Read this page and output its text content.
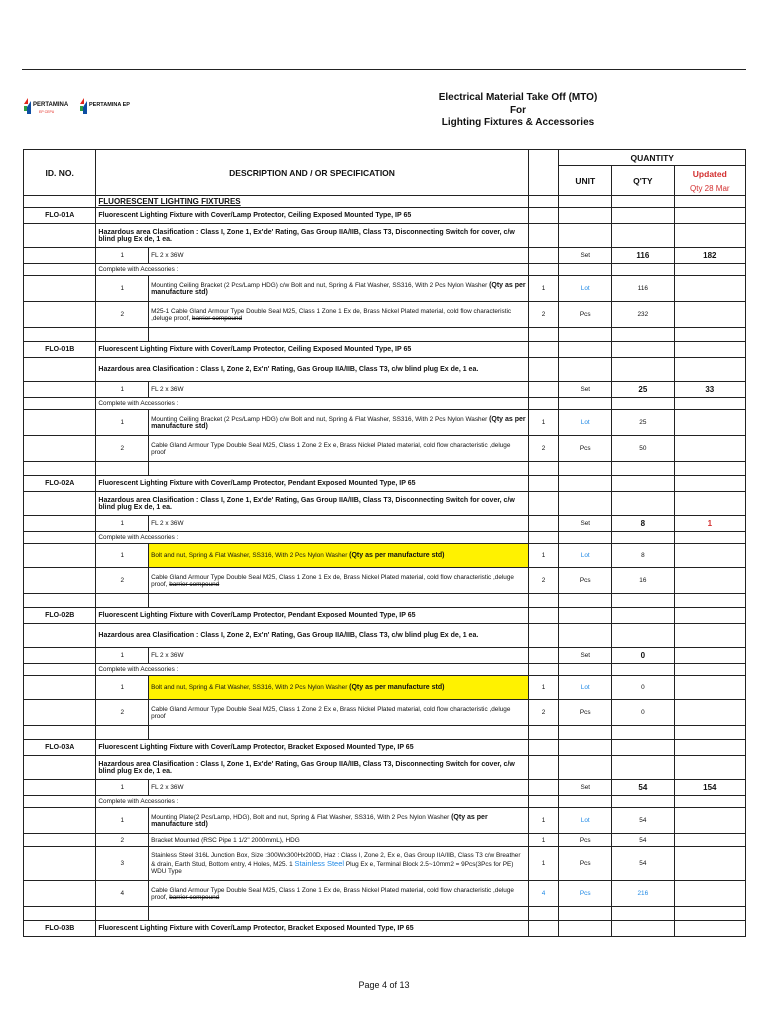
PERTAMINA
EP CEPU
PERTAMINA EP
Electrical Material Take Off (MTO)
For
Lighting Fixtures & Accessories
ID. NO.	DESCRIPTION AND / OR SPECIFICATION			QUANTITY		
				UNIT	Q'TY	Updated
						Qty 28 Mar
	FLUORESCENT LIGHTING FIXTURES					
FLO-01A	Fluorescent Lighting Fixture with Cover/Lamp Protector, Ceiling Exposed Mounted Type, IP 65					
	Hazardous area Clasification : Class I, Zone 1, Ex'de' Rating, Gas Group IIA/IIB, Class T3, Disconnecting Switch for cover, c/w blind plug Ex de, 1 ea.					
	1	FL 2 x 36W		Set	116	182
	Complete with Accessories :					
	1	Mounting Ceiling Bracket (2 Pcs/Lamp HDG) c/w Bolt and nut, Spring & Flat Washer, SS316, With 2 Pcs Nylon Washer (Qty as per manufacture std)	1	Lot	116	
	2	M25-1 Cable Gland Armour Type Double Seal M25, Class 1 Zone 1 Ex de, Brass Nickel Plated material, cold flow characteristic ,deluge proof, barrier compound	2	Pcs	232	

FLO-01B	Fluorescent Lighting Fixture with Cover/Lamp Protector, Ceiling Exposed Mounted Type, IP 65					
	Hazardous area Clasification : Class I, Zone 2, Ex'n' Rating, Gas Group IIA/IIB, Class T3, c/w blind plug Ex de, 1 ea.					
	1	FL 2 x 36W		Set	25	33
	Complete with Accessories :					
	1	Mounting Ceiling Bracket (2 Pcs/Lamp HDG) c/w Bolt and nut, Spring & Flat Washer, SS316, With 2 Pcs Nylon Washer (Qty as per manufacture std)	1	Lot	25	
	2	Cable Gland Armour Type Double Seal M25, Class 1 Zone 2 Ex e, Brass Nickel Plated material, cold flow characteristic ,deluge proof	2	Pcs	50	

FLO-02A	Fluorescent Lighting Fixture with Cover/Lamp Protector, Pendant Exposed Mounted Type, IP 65					
	Hazardous area Clasification : Class I, Zone 1, Ex'de' Rating, Gas Group IIA/IIB, Class T3, Disconnecting Switch for cover, c/w blind plug Ex de, 1 ea.					
	1	FL 2 x 36W		Set	8	1
	Complete with Accessories :					
	1	Bolt and nut, Spring & Flat Washer, SS316, With 2 Pcs Nylon Washer (Qty as per manufacture std)	1	Lot	8	
	2	Cable Gland Armour Type Double Seal M25, Class 1 Zone 1 Ex de, Brass Nickel Plated material, cold flow characteristic ,deluge proof, barrier compound	2	Pcs	16	

FLO-02B	Fluorescent Lighting Fixture with Cover/Lamp Protector, Pendant Exposed Mounted Type, IP 65					
	Hazardous area Clasification : Class I, Zone 2, Ex'n' Rating, Gas Group IIA/IIB, Class T3, c/w blind plug Ex de, 1 ea.					
	1	FL 2 x 36W		Set	0	
	Complete with Accessories :					
	1	Bolt and nut, Spring & Flat Washer, SS316, With 2 Pcs Nylon Washer (Qty as per manufacture std)	1	Lot	0	
	2	Cable Gland Armour Type Double Seal M25, Class 1 Zone 2 Ex e, Brass Nickel Plated material, cold flow characteristic ,deluge proof	2	Pcs	0	

FLO-03A	Fluorescent Lighting Fixture with Cover/Lamp Protector, Bracket Exposed Mounted Type, IP 65					
	Hazardous area Clasification : Class I, Zone 1, Ex'de' Rating, Gas Group IIA/IIB, Class T3, Disconnecting Switch for cover, c/w blind plug Ex de, 1 ea.					
	1	FL 2 x 36W		Set	54	154
	Complete with Accessories :					
	1	Mounting Plate(2 Pcs/Lamp, HDG), Bolt and nut, Spring & Flat Washer, SS316, With 2 Pcs Nylon Washer (Qty as per manufacture std)	1	Lot	54	
	2	Bracket Mounted (RSC Pipe 1 1/2" 2000mmL), HDG	1	Pcs	54	
	3	Stainless Steel 316L Junction Box, Size :300Wx300Hx200D, Haz : Class I, Zone 2, Ex e, Gas Group IIA/IIB, Class T3 c/w Breather & drain, Earth Stud, Bottom entry, 4 Holes, M25. 1 Stainless Steel Plug Ex e, Terminal Block 2.5~10mm2 = 9Pcs(3Pcs for PE) WDU Type	1	Pcs	54	
	4	Cable Gland Armour Type Double Seal M25, Class 1 Zone 1 Ex de, Brass Nickel Plated material, cold flow characteristic ,deluge proof, barrier compound	4	Pcs	216	

FLO-03B	Fluorescent Lighting Fixture with Cover/Lamp Protector, Bracket Exposed Mounted Type, IP 65					
Page 4 of 13
